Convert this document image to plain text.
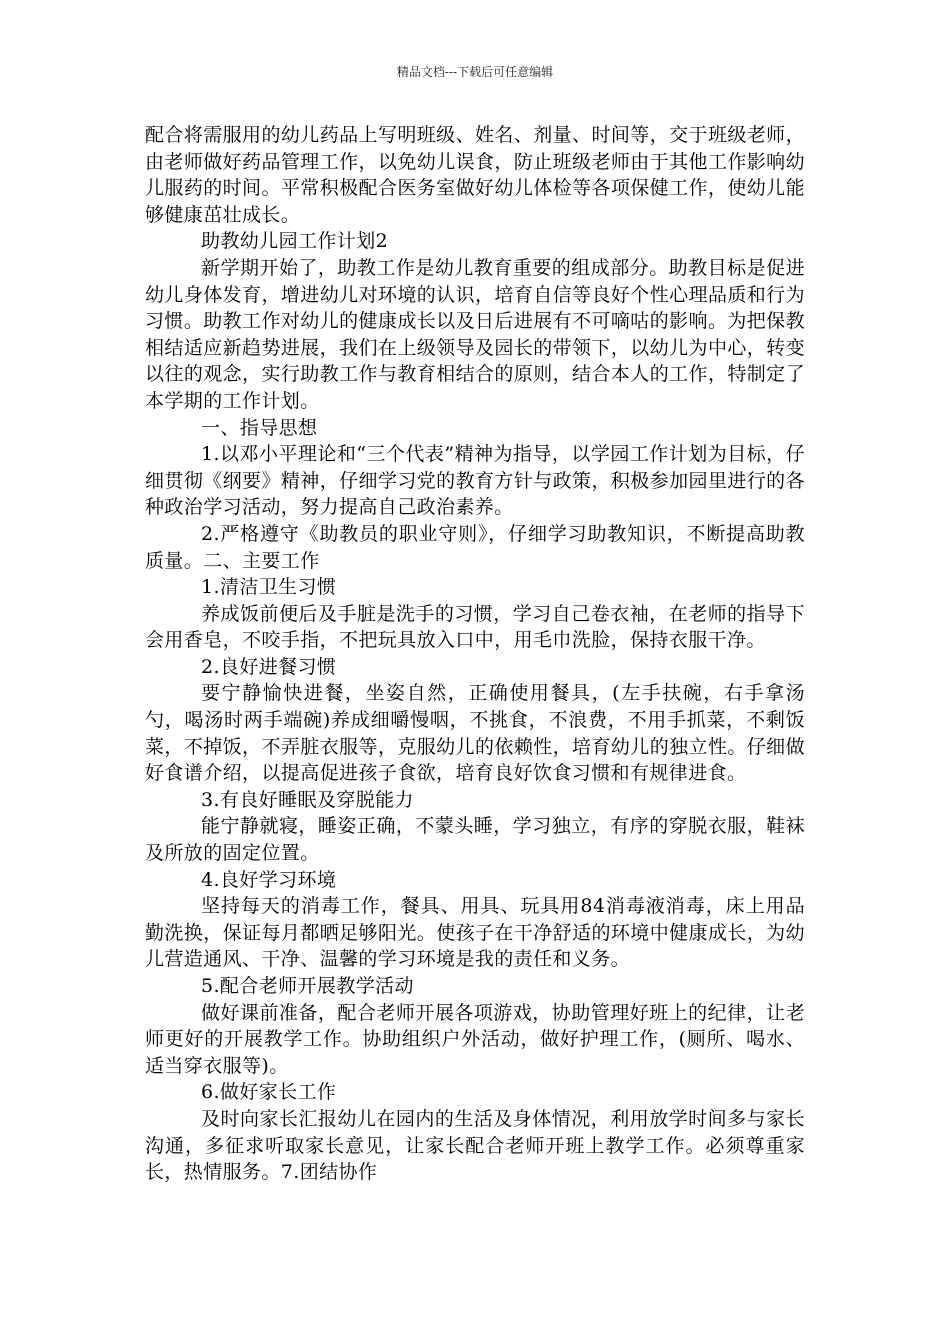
精品文档---下载后可任意编辑

配合将需服用的幼儿药品上写明班级、姓名、剂量、时间等，交于班级老师，由老师做好药品管理工作，以免幼儿误食，防止班级老师由于其他工作影响幼儿服药的时间。平常积极配合医务室做好幼儿体检等各项保健工作，使幼儿能够健康茁壮成长。

助教幼儿园工作计划2

新学期开始了，助教工作是幼儿教育重要的组成部分。助教目标是促进幼儿身体发育，增进幼儿对环境的认识，培育自信等良好个性心理品质和行为习惯。助教工作对幼儿的健康成长以及日后进展有不可嘀咕的影响。为把保教相结适应新趋势进展，我们在上级领导及园长的带领下，以幼儿为中心，转变以往的观念，实行助教工作与教育相结合的原则，结合本人的工作，特制定了本学期的工作计划。

一、指导思想

1.以邓小平理论和“三个代表”精神为指导，以学园工作计划为目标，仔细贯彻《纲要》精神，仔细学习党的教育方针与政策，积极参加园里进行的各种政治学习活动，努力提高自己政治素养。

2.严格遵守《助教员的职业守则》，仔细学习助教知识，不断提高助教质量。二、主要工作

1.清洁卫生习惯

养成饭前便后及手脏是洗手的习惯，学习自己卷衣袖，在老师的指导下会用香皂，不咬手指，不把玩具放入口中，用毛巾洗脸，保持衣服干净。

2.良好进餐习惯

要宁静愉快进餐，坐姿自然，正确使用餐具，(左手扶碗，右手拿汤勺，喝汤时两手端碗)养成细嚼慢咽，不挑食，不浪费，不用手抓菜，不剩饭菜，不掉饭，不弄脏衣服等，克服幼儿的依赖性，培育幼儿的独立性。仔细做好食谱介绍，以提高促进孩子食欲，培育良好饮食习惯和有规律进食。

3.有良好睡眠及穿脱能力

能宁静就寝，睡姿正确，不蒙头睡，学习独立，有序的穿脱衣服，鞋袜及所放的固定位置。

4.良好学习环境

坚持每天的消毒工作，餐具、用具、玩具用84消毒液消毒，床上用品勤洗换，保证每月都晒足够阳光。使孩子在干净舒适的环境中健康成长，为幼儿营造通风、干净、温馨的学习环境是我的责任和义务。

5.配合老师开展教学活动

做好课前准备，配合老师开展各项游戏，协助管理好班上的纪律，让老师更好的开展教学工作。协助组织户外活动，做好护理工作，(厕所、喝水、适当穿衣服等)。

6.做好家长工作

及时向家长汇报幼儿在园内的生活及身体情况，利用放学时间多与家长沟通，多征求听取家长意见，让家长配合老师开班上教学工作。必须尊重家长，热情服务。7.团结协作
